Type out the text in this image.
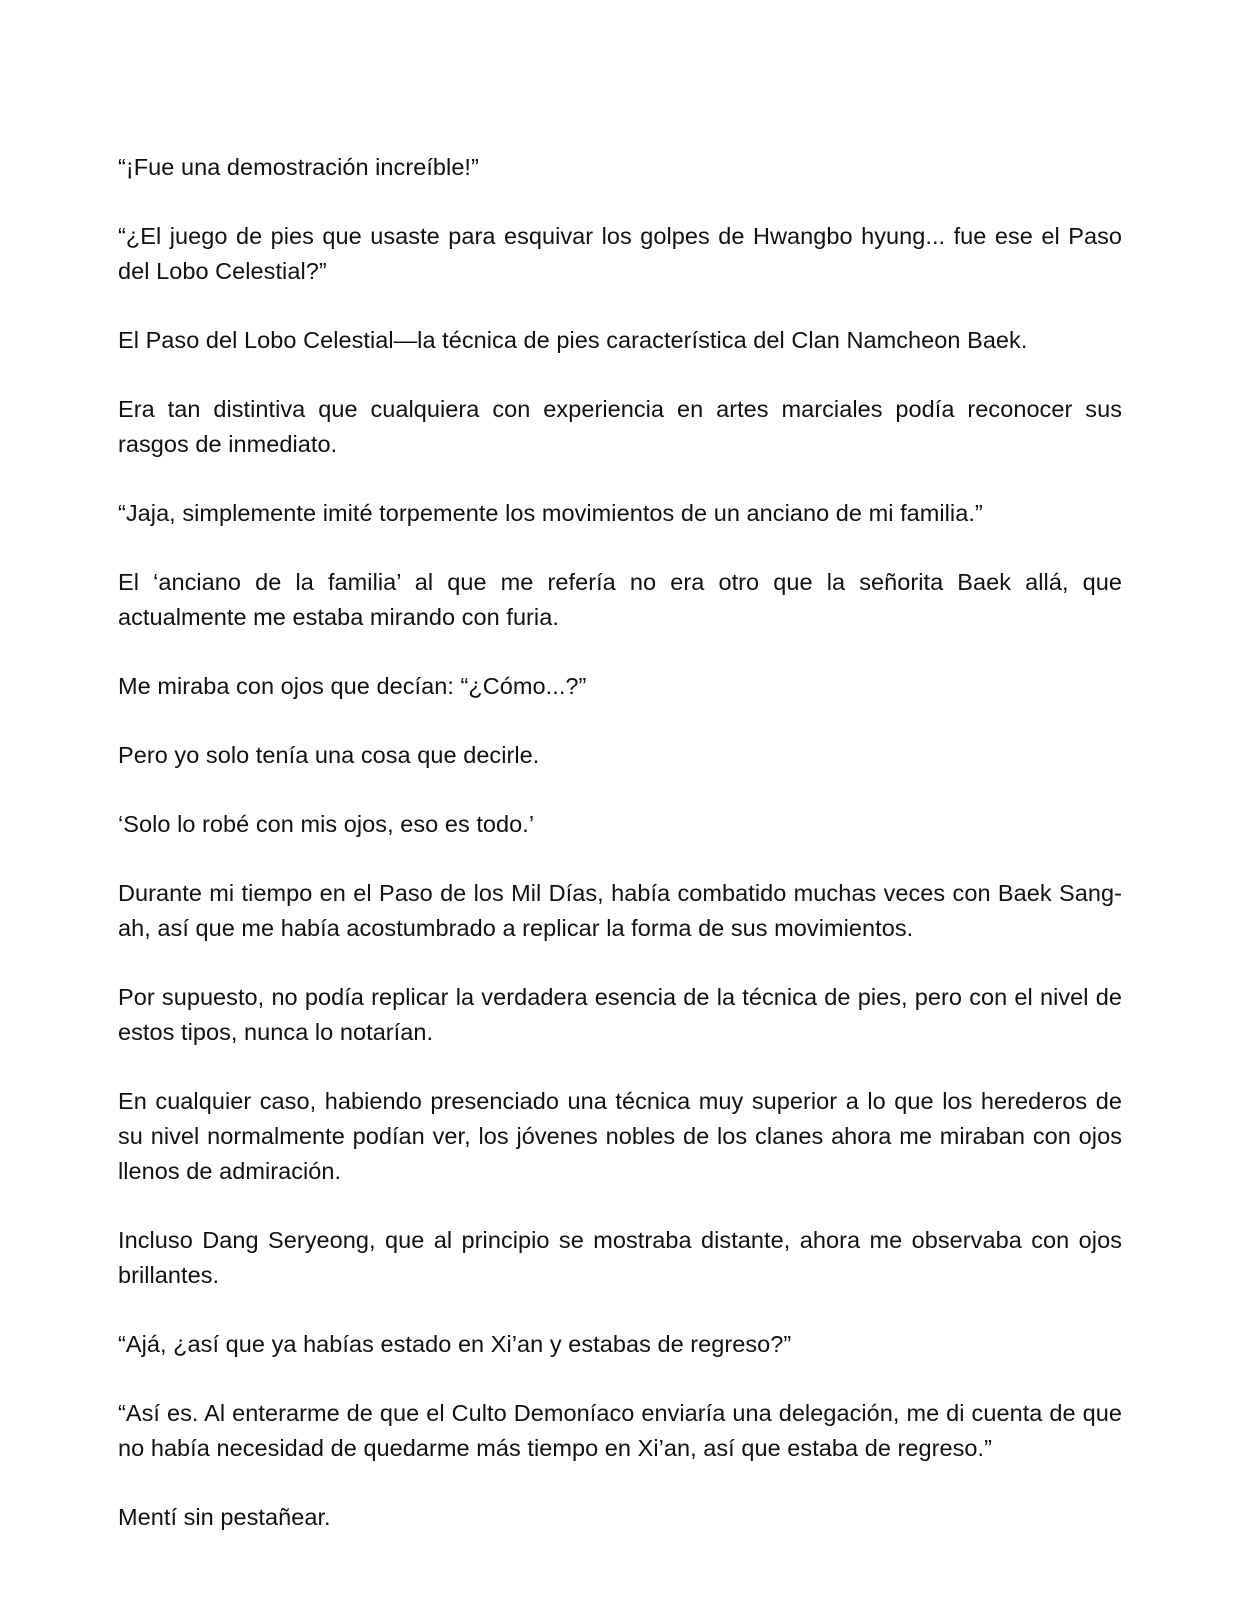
“¡Fue una demostración increíble!”

“¿El juego de pies que usaste para esquivar los golpes de Hwangbo hyung... fue ese el Paso del Lobo Celestial?”

El Paso del Lobo Celestial—la técnica de pies característica del Clan Namcheon Baek.

Era tan distintiva que cualquiera con experiencia en artes marciales podía reconocer sus rasgos de inmediato.

“Jaja, simplemente imité torpemente los movimientos de un anciano de mi familia.”

El ‘anciano de la familia’ al que me refería no era otro que la señorita Baek allá, que actualmente me estaba mirando con furia.

Me miraba con ojos que decían: “¿Cómo...?”

Pero yo solo tenía una cosa que decirle.

‘Solo lo robé con mis ojos, eso es todo.’

Durante mi tiempo en el Paso de los Mil Días, había combatido muchas veces con Baek Sang-ah, así que me había acostumbrado a replicar la forma de sus movimientos.

Por supuesto, no podía replicar la verdadera esencia de la técnica de pies, pero con el nivel de estos tipos, nunca lo notarían.

En cualquier caso, habiendo presenciado una técnica muy superior a lo que los herederos de su nivel normalmente podían ver, los jóvenes nobles de los clanes ahora me miraban con ojos llenos de admiración.

Incluso Dang Seryeong, que al principio se mostraba distante, ahora me observaba con ojos brillantes.

“Ajá, ¿así que ya habías estado en Xi’an y estabas de regreso?”

“Así es. Al enterarme de que el Culto Demoníaco enviaría una delegación, me di cuenta de que no había necesidad de quedarme más tiempo en Xi’an, así que estaba de regreso.”

Mentí sin pestañear.
